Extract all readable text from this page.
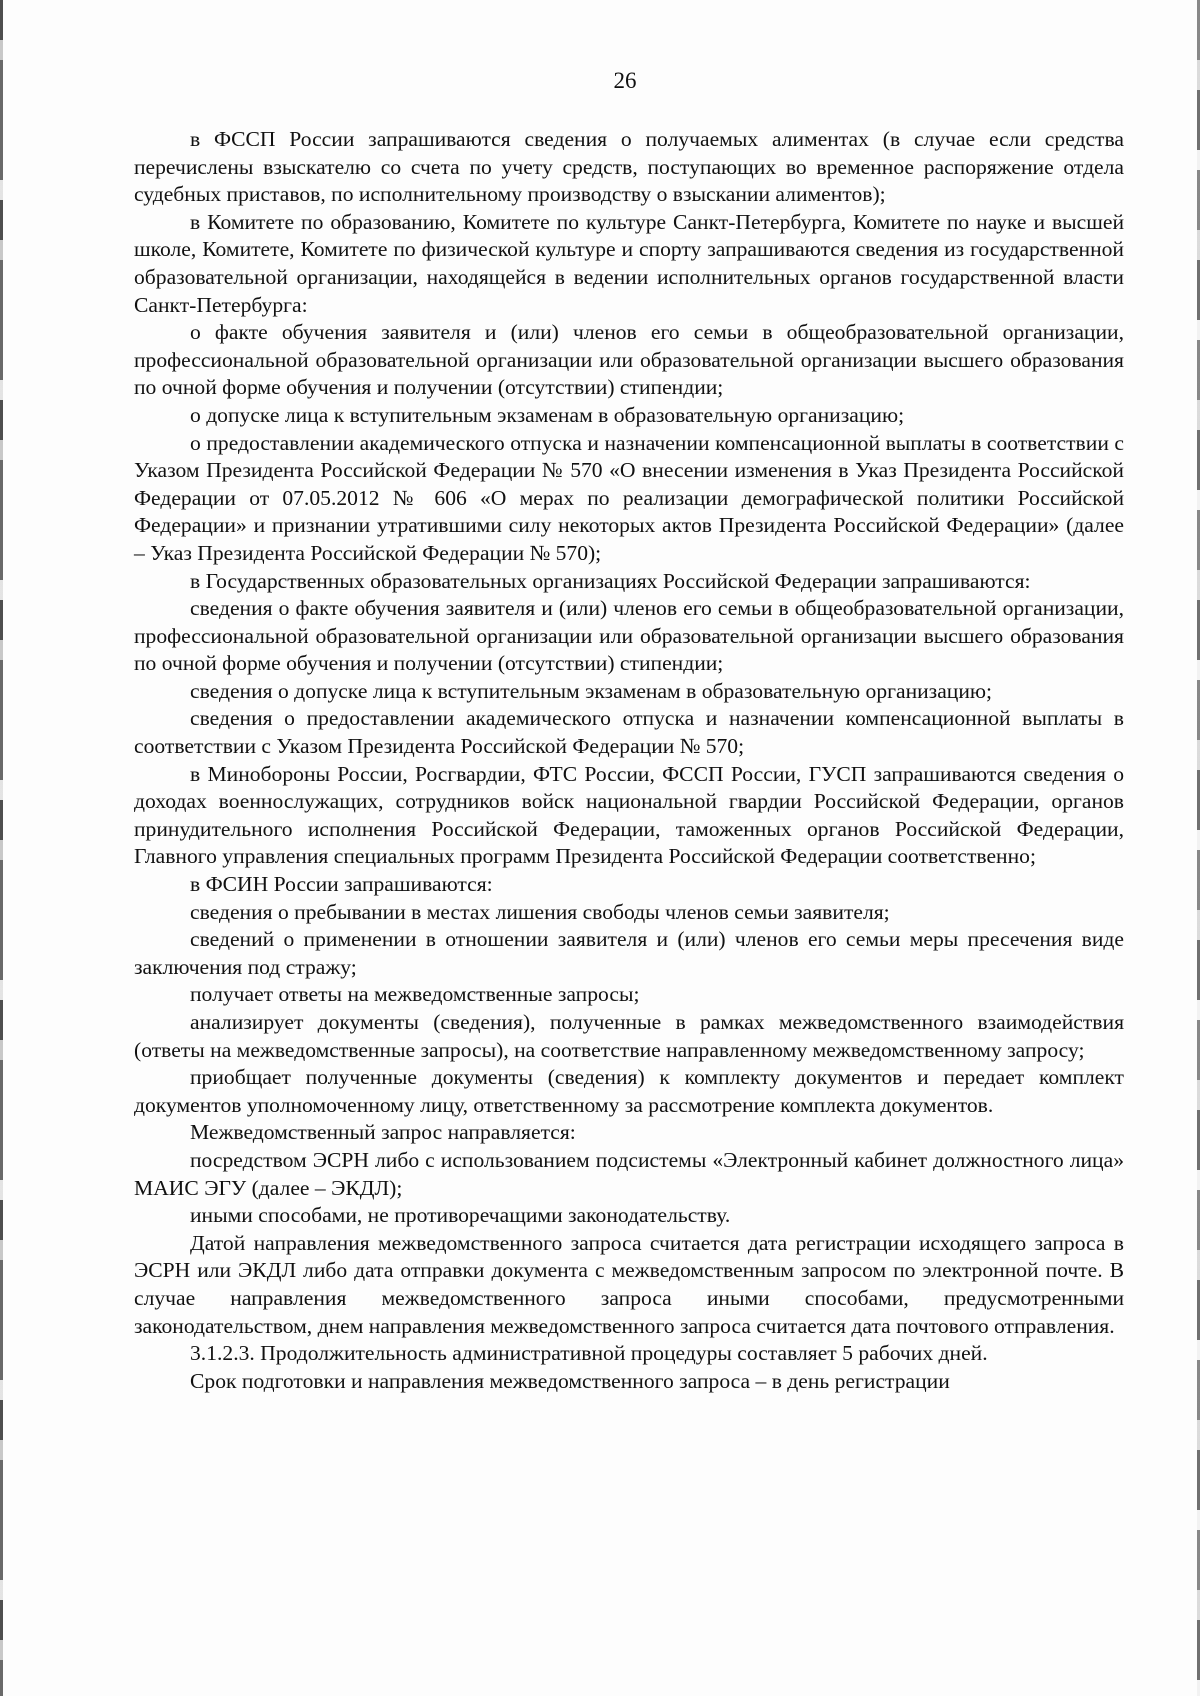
26

в ФССП России запрашиваются сведения о получаемых алиментах (в случае если средства перечислены взыскателю со счета по учету средств, поступающих во временное распоряжение отдела судебных приставов, по исполнительному производству о взыскании алиментов);

в Комитете по образованию, Комитете по культуре Санкт-Петербурга, Комитете по науке и высшей школе, Комитете, Комитете по физической культуре и спорту запрашиваются сведения из государственной образовательной организации, находящейся в ведении исполнительных органов государственной власти Санкт-Петербурга:

о факте обучения заявителя и (или) членов его семьи в общеобразовательной организации, профессиональной образовательной организации или образовательной организации высшего образования по очной форме обучения и получении (отсутствии) стипендии;

о допуске лица к вступительным экзаменам в образовательную организацию;

о предоставлении академического отпуска и назначении компенсационной выплаты в соответствии с Указом Президента Российской Федерации № 570 «О внесении изменения в Указ Президента Российской Федерации от 07.05.2012 № 606 «О мерах по реализации демографической политики Российской Федерации» и признании утратившими силу некоторых актов Президента Российской Федерации» (далее – Указ Президента Российской Федерации № 570);

в Государственных образовательных организациях Российской Федерации запрашиваются:

сведения о факте обучения заявителя и (или) членов его семьи в общеобразовательной организации, профессиональной образовательной организации или образовательной организации высшего образования по очной форме обучения и получении (отсутствии) стипендии;

сведения о допуске лица к вступительным экзаменам в образовательную организацию;

сведения о предоставлении академического отпуска и назначении компенсационной выплаты в соответствии с Указом Президента Российской Федерации № 570;

в Минобороны России, Росгвардии, ФТС России, ФССП России, ГУСП запрашиваются сведения о доходах военнослужащих, сотрудников войск национальной гвардии Российской Федерации, органов принудительного исполнения Российской Федерации, таможенных органов Российской Федерации, Главного управления специальных программ Президента Российской Федерации соответственно;

в ФСИН России запрашиваются:

сведения о пребывании в местах лишения свободы членов семьи заявителя;

сведений о применении в отношении заявителя и (или) членов его семьи меры пресечения виде заключения под стражу;

получает ответы на межведомственные запросы;

анализирует документы (сведения), полученные в рамках межведомственного взаимодействия (ответы на межведомственные запросы), на соответствие направленному межведомственному запросу;

приобщает полученные документы (сведения) к комплекту документов и передает комплект документов уполномоченному лицу, ответственному за рассмотрение комплекта документов.

Межведомственный запрос направляется:

посредством ЭСРН либо с использованием подсистемы «Электронный кабинет должностного лица» МАИС ЭГУ (далее – ЭКДЛ);

иными способами, не противоречащими законодательству.

Датой направления межведомственного запроса считается дата регистрации исходящего запроса в ЭСРН или ЭКДЛ либо дата отправки документа с межведомственным запросом по электронной почте. В случае направления межведомственного запроса иными способами, предусмотренными законодательством, днем направления межведомственного запроса считается дата почтового отправления.

3.1.2.3. Продолжительность административной процедуры составляет 5 рабочих дней.

Срок подготовки и направления межведомственного запроса – в день регистрации
